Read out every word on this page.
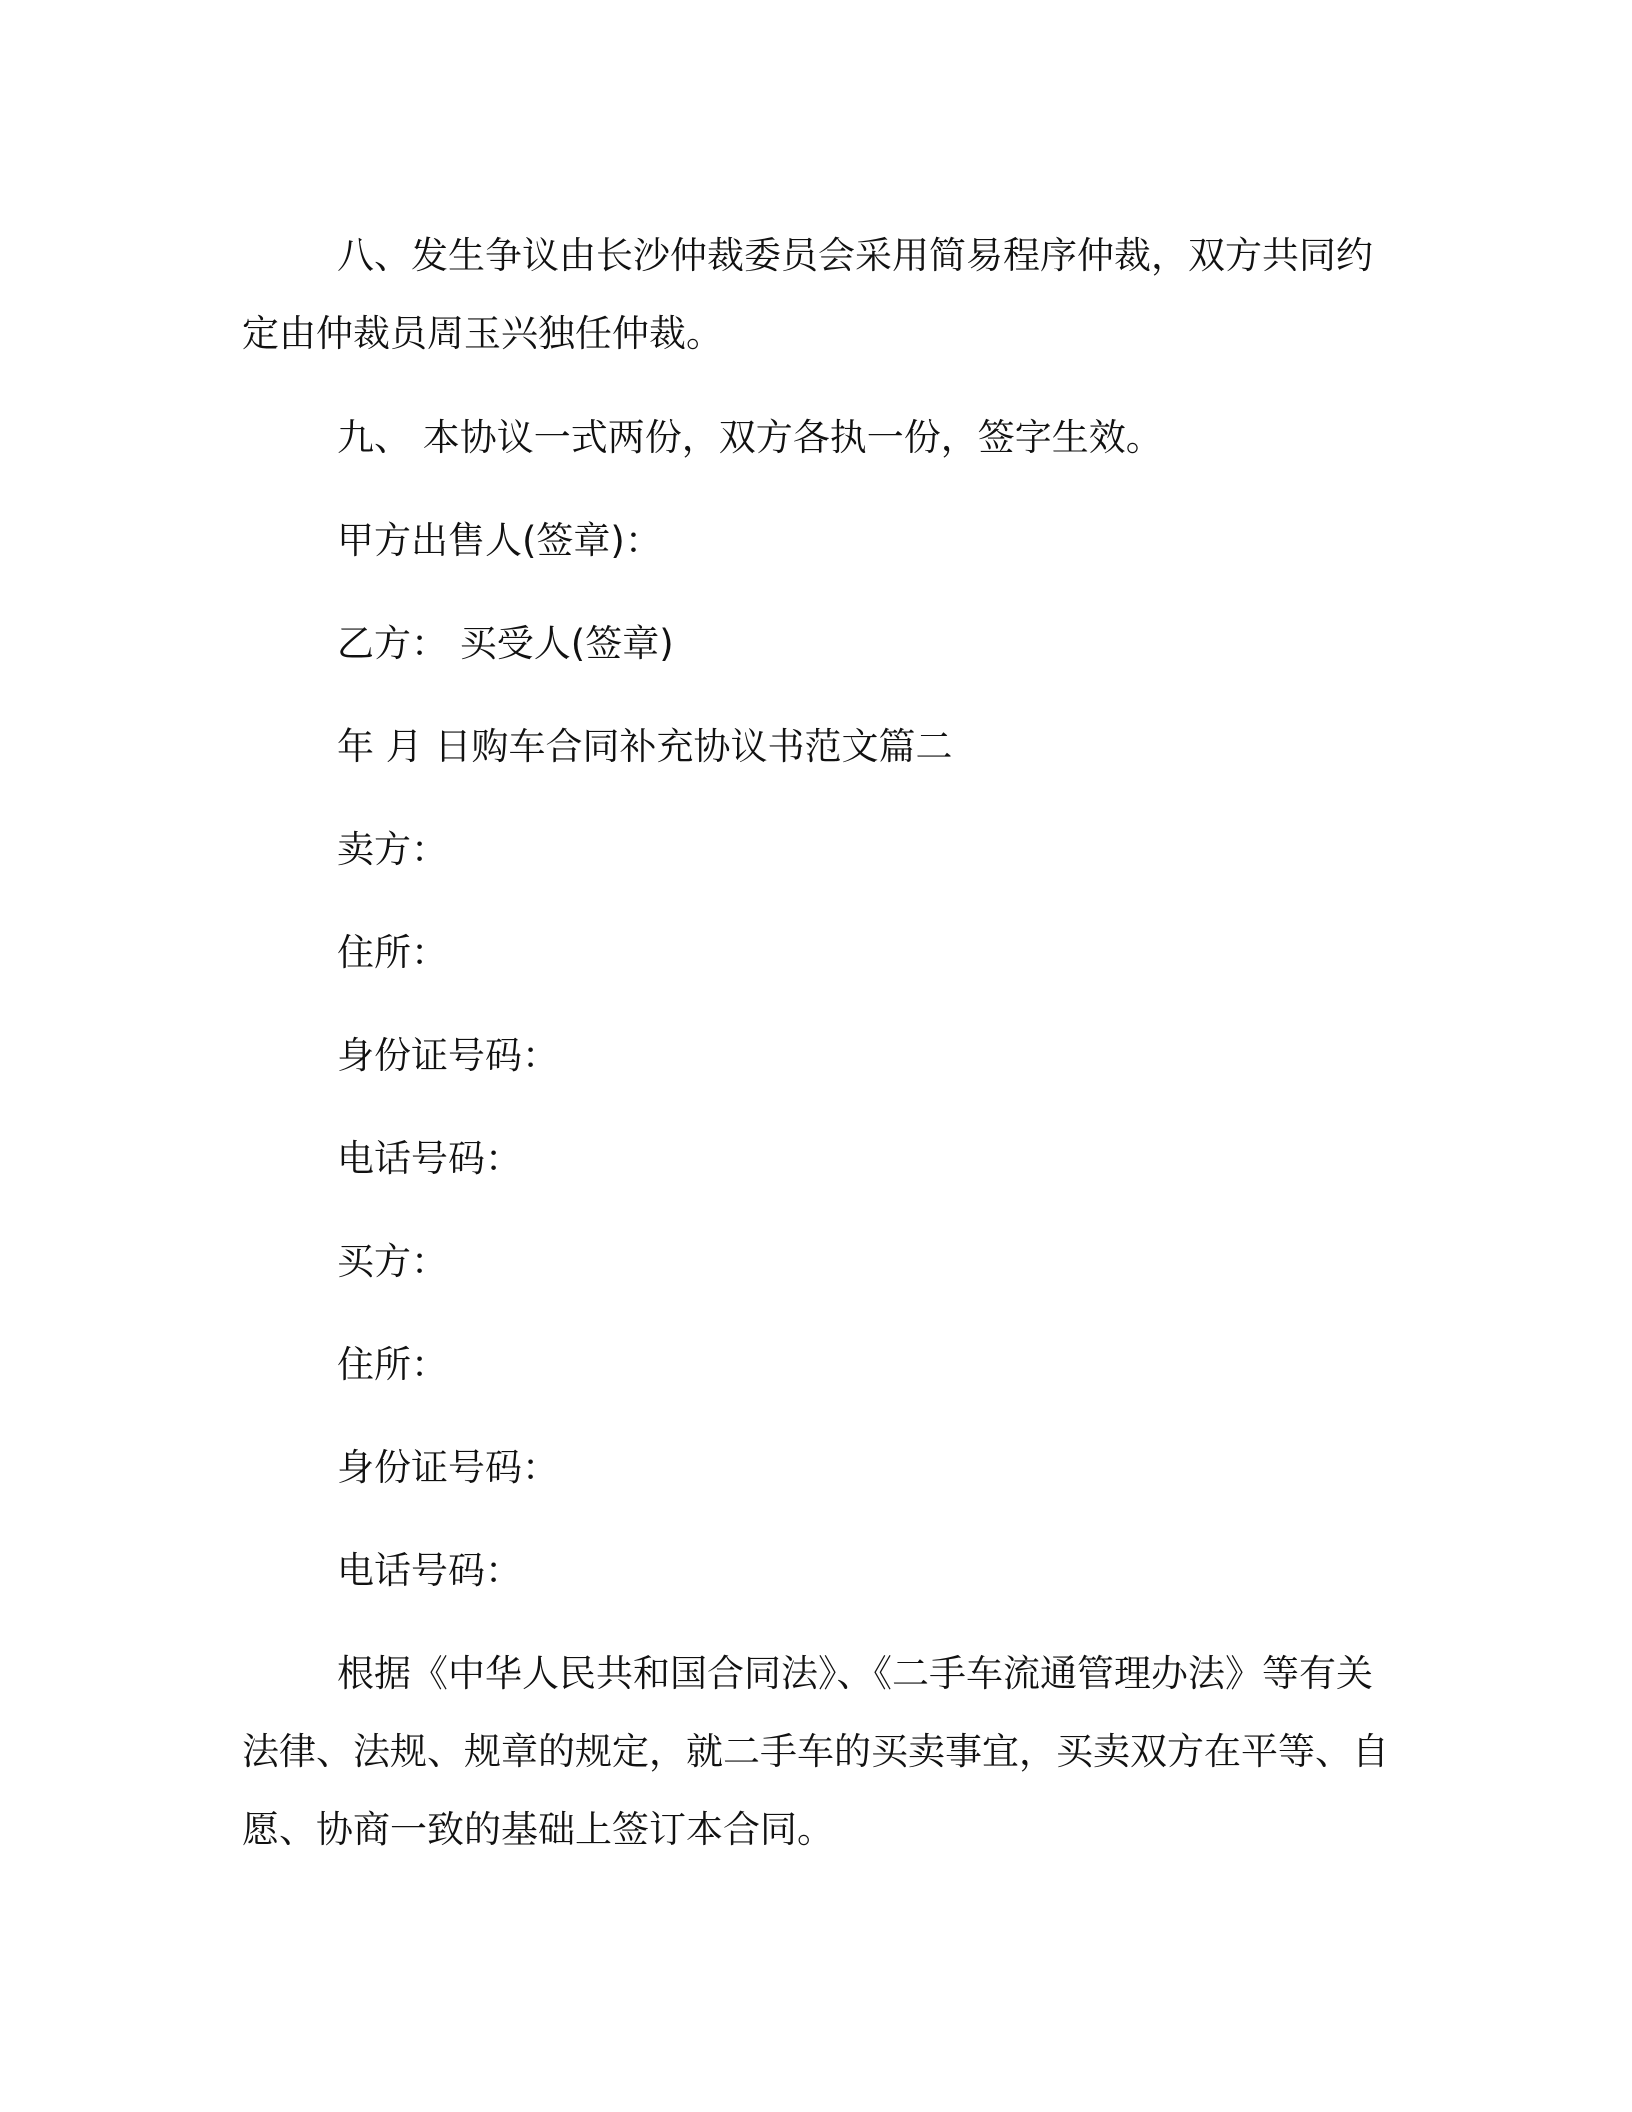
八、发生争议由长沙仲裁委员会采用简易程序仲裁，双方共同约定由仲裁员周玉兴独任仲裁。

九、 本协议一式两份，双方各执一份，签字生效。

甲方出售人(签章)：

乙方： 买受人(签章)

年 月 日购车合同补充协议书范文篇二

卖方：

住所：

身份证号码：

电话号码：

买方：

住所：

身份证号码：

电话号码：

根据《中华人民共和国合同法》、《二手车流通管理办法》等有关法律、法规、规章的规定，就二手车的买卖事宜，买卖双方在平等、自愿、协商一致的基础上签订本合同。
